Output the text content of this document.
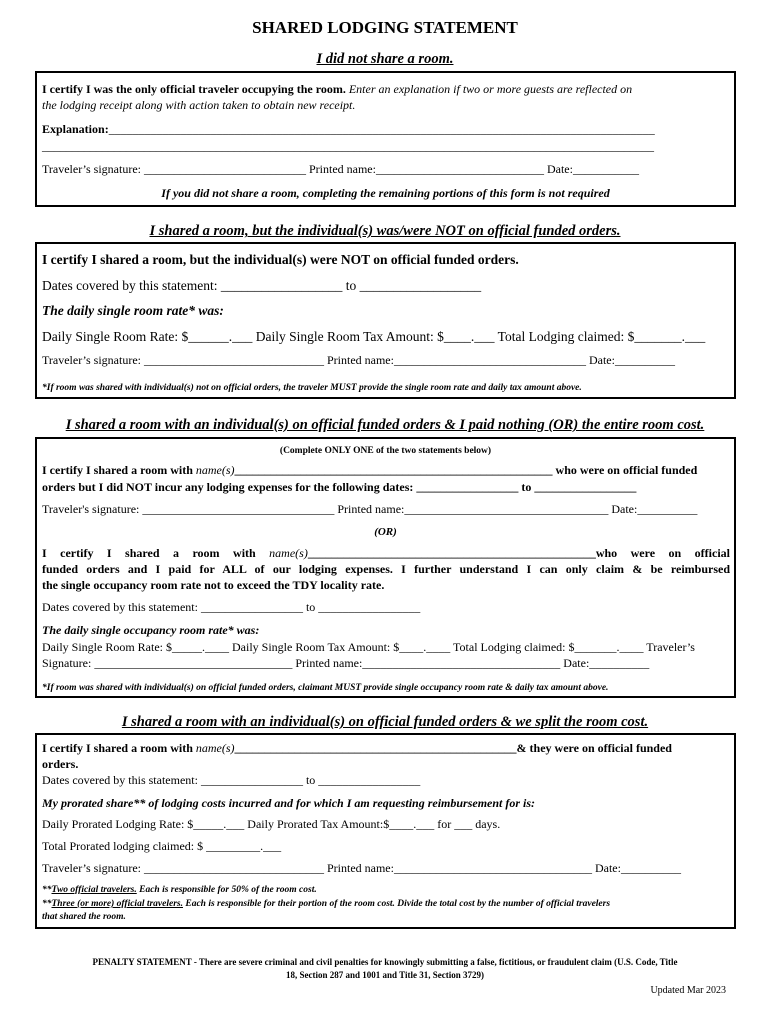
SHARED LODGING STATEMENT
I did not share a room.
I certify I was the only official traveler occupying the room. Enter an explanation if two or more guests are reflected on
the lodging receipt along with action taken to obtain new receipt.
Explanation:___________________________________________________________________________________________
______________________________________________________________________________________________________
Traveler’s signature: ___________________________ Printed name:____________________________ Date:___________
If you did not share a room, completing the remaining portions of this form is not required
I shared a room, but the individual(s) was/were NOT on official funded orders.
I certify I shared a room, but the individual(s) were NOT on official funded orders.
Dates covered by this statement: __________________ to __________________
The daily single room rate* was:
Daily Single Room Rate: $______.___ Daily Single Room Tax Amount: $____.___ Total Lodging claimed: $_______.___
Traveler’s signature: ______________________________ Printed name:________________________________ Date:__________
*If room was shared with individual(s) not on official orders, the traveler MUST provide the single room rate and daily tax amount above.
I shared a room with an individual(s) on official funded orders & I paid nothing (OR) the entire room cost.
(Complete ONLY ONE of the two statements below)
I certify I shared a room with name(s)_____________________________________________________ who were on official funded
orders but I did NOT incur any lodging expenses for the following dates: _________________ to _________________
Traveler's signature: ________________________________ Printed name:__________________________________ Date:__________
(OR)
I certify I shared a room with name(s)________________________________________________who were on official
funded orders and I paid for ALL of our lodging expenses. I further understand I can only claim & be reimbursed
the single occupancy room rate not to exceed the TDY locality rate.
Dates covered by this statement: _________________ to _________________
The daily single occupancy room rate* was:
Daily Single Room Rate: $_____.____ Daily Single Room Tax Amount: $____.____ Total Lodging claimed: $_______.____ Traveler’s
Signature: _________________________________ Printed name:_________________________________ Date:__________
*If room was shared with individual(s) on official funded orders, claimant MUST provide single occupancy room rate & daily tax amount above.
I shared a room with an individual(s) on official funded orders & we split the room cost.
I certify I shared a room with name(s)_______________________________________________& they were on official funded
orders.
Dates covered by this statement: _________________ to _________________
My prorated share** of lodging costs incurred and for which I am requesting reimbursement for is:
Daily Prorated Lodging Rate: $_____.___ Daily Prorated Tax Amount:$____.___ for ___ days.
Total Prorated lodging claimed: $ _________.___
Traveler’s signature: ______________________________ Printed name:_________________________________ Date:__________
**Two official travelers. Each is responsible for 50% of the room cost.
**Three (or more) official travelers. Each is responsible for their portion of the room cost. Divide the total cost by the number of official travelers
that shared the room.
PENALTY STATEMENT - There are severe criminal and civil penalties for knowingly submitting a false, fictitious, or fraudulent claim (U.S. Code, Title
18, Section 287 and 1001 and Title 31, Section 3729)
Updated Mar 2023
